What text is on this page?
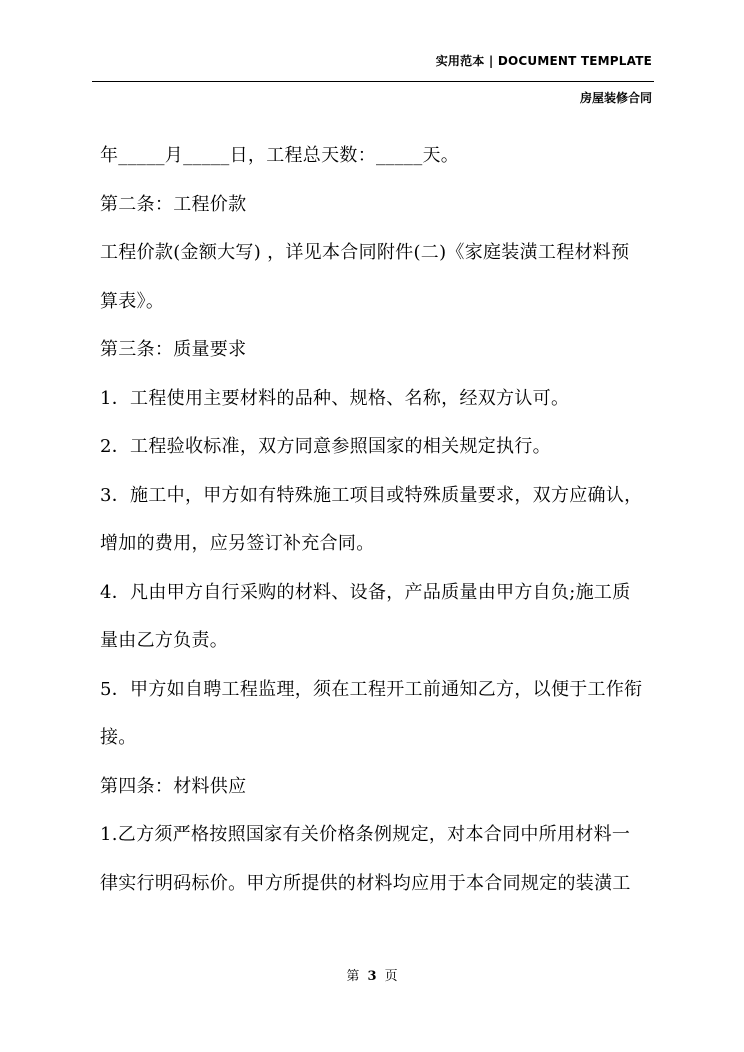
实用范本 | DOCUMENT TEMPLATE
房屋装修合同
年_____月_____日，工程总天数：_____天。
第二条：工程价款
工程价款(金额大写) ，详见本合同附件(二)《家庭装潢工程材料预
算表》。
第三条：质量要求
1．工程使用主要材料的品种、规格、名称，经双方认可。
2．工程验收标准，双方同意参照国家的相关规定执行。
3．施工中，甲方如有特殊施工项目或特殊质量要求，双方应确认，
增加的费用，应另签订补充合同。
4．凡由甲方自行采购的材料、设备，产品质量由甲方自负;施工质
量由乙方负责。
5．甲方如自聘工程监理，须在工程开工前通知乙方，以便于工作衔
接。
第四条：材料供应
1.乙方须严格按照国家有关价格条例规定，对本合同中所用材料一
律实行明码标价。甲方所提供的材料均应用于本合同规定的装潢工
第 3 页
